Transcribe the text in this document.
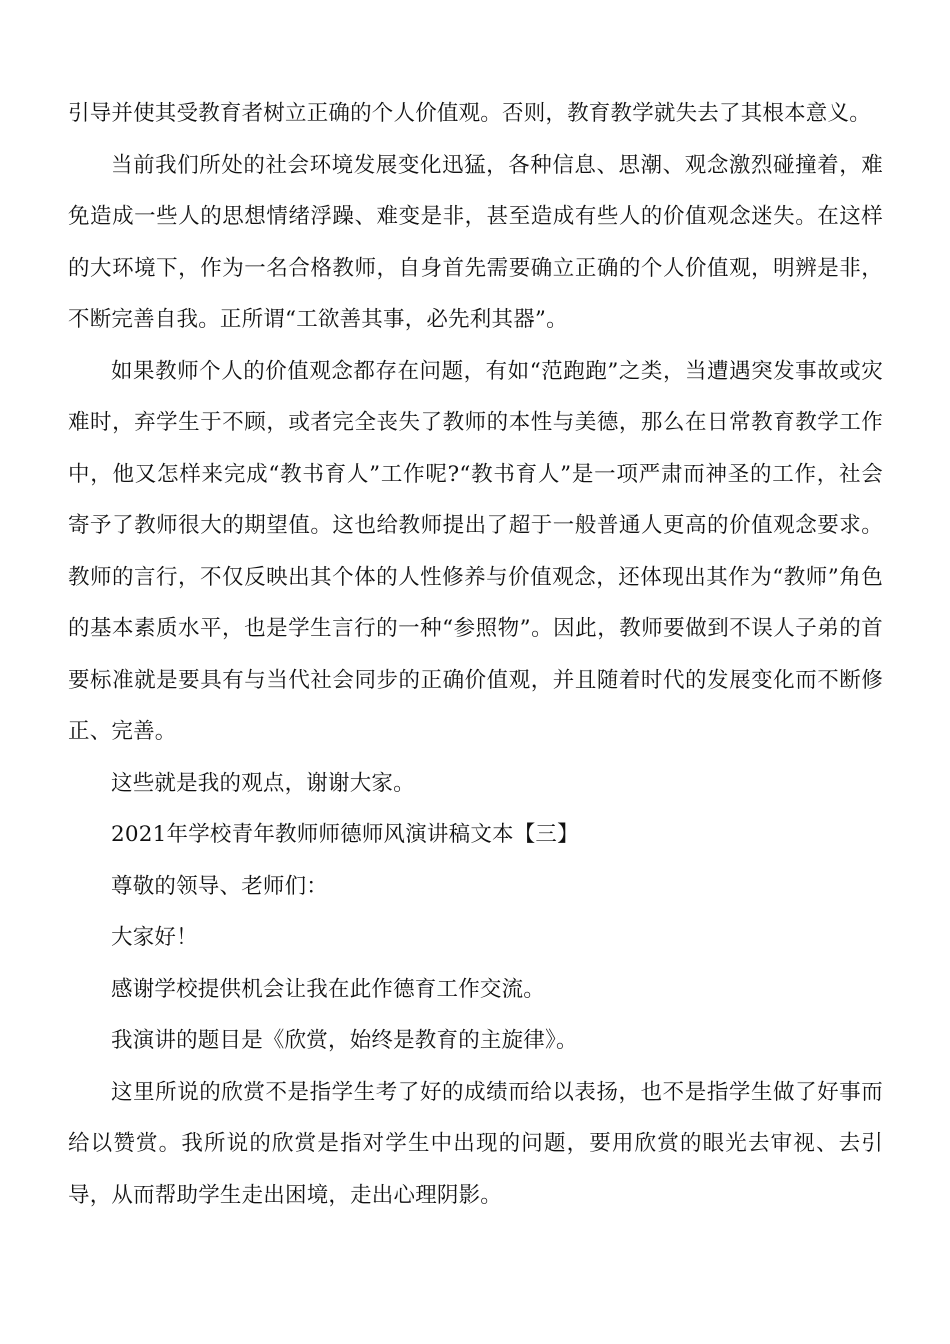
引导并使其受教育者树立正确的个人价值观。否则，教育教学就失去了其根本意义。

当前我们所处的社会环境发展变化迅猛，各种信息、思潮、观念激烈碰撞着，难免造成一些人的思想情绪浮躁、难变是非，甚至造成有些人的价值观念迷失。在这样的大环境下，作为一名合格教师，自身首先需要确立正确的个人价值观，明辨是非，不断完善自我。正所谓“工欲善其事，必先利其器”。

如果教师个人的价值观念都存在问题，有如“范跑跑”之类，当遭遇突发事故或灾难时，弃学生于不顾，或者完全丧失了教师的本性与美德，那么在日常教育教学工作中，他又怎样来完成“教书育人”工作呢?“教书育人”是一项严肃而神圣的工作，社会寄予了教师很大的期望值。这也给教师提出了超于一般普通人更高的价值观念要求。教师的言行，不仅反映出其个体的人性修养与价值观念，还体现出其作为“教师”角色的基本素质水平，也是学生言行的一种“参照物”。因此，教师要做到不误人子弟的首要标准就是要具有与当代社会同步的正确价值观，并且随着时代的发展变化而不断修正、完善。

这些就是我的观点，谢谢大家。

2021年学校青年教师师德师风演讲稿文本【三】

尊敬的领导、老师们：

大家好！

感谢学校提供机会让我在此作德育工作交流。

我演讲的题目是《欣赏，始终是教育的主旋律》。

这里所说的欣赏不是指学生考了好的成绩而给以表扬，也不是指学生做了好事而给以赞赏。我所说的欣赏是指对学生中出现的问题，要用欣赏的眼光去审视、去引导，从而帮助学生走出困境，走出心理阴影。
